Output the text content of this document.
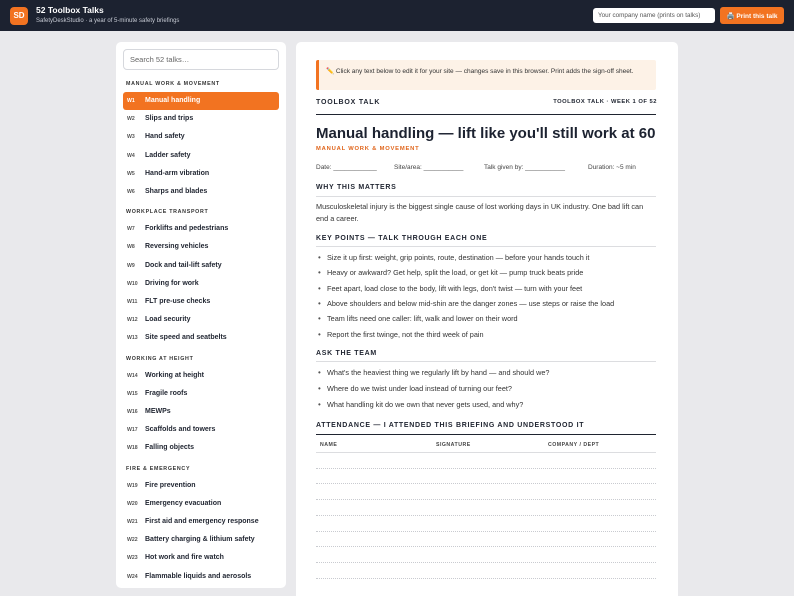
SD
52 Toolbox Talks
SafetyDeskStudio · a year of 5-minute safety briefings
Your company name (prints on talks)
🖨️ Print this talk
Search 52 talks…
MANUAL WORK & MOVEMENT
W1 Manual handling
W2 Slips and trips
W3 Hand safety
W4 Ladder safety
W5 Hand-arm vibration
W6 Sharps and blades
WORKPLACE TRANSPORT
W7 Forklifts and pedestrians
W8 Reversing vehicles
W9 Dock and tail-lift safety
W10 Driving for work
W11 FLT pre-use checks
W12 Load security
W13 Site speed and seatbelts
WORKING AT HEIGHT
W14 Working at height
W15 Fragile roofs
W16 MEWPs
W17 Scaffolds and towers
W18 Falling objects
FIRE & EMERGENCY
W19 Fire prevention
W20 Emergency evacuation
W21 First aid and emergency response
W22 Battery charging & lithium safety
W23 Hot work and fire watch
W24 Flammable liquids and aerosols
✏️ Click any text below to edit it for your site — changes save in this browser. Print adds the sign-off sheet.
TOOLBOX TALK	TOOLBOX TALK · WEEK 1 OF 52
Manual handling — lift like you'll still work at 60
MANUAL WORK & MOVEMENT
Date: ____________	Site/area: ___________	Talk given by: ___________	Duration: ~5 min
WHY THIS MATTERS
Musculoskeletal injury is the biggest single cause of lost working days in UK industry. One bad lift can end a career.
KEY POINTS — TALK THROUGH EACH ONE
• Size it up first: weight, grip points, route, destination — before your hands touch it
• Heavy or awkward? Get help, split the load, or get kit — pump truck beats pride
• Feet apart, load close to the body, lift with legs, don't twist — turn with your feet
• Above shoulders and below mid-shin are the danger zones — use steps or raise the load
• Team lifts need one caller: lift, walk and lower on their word
• Report the first twinge, not the third week of pain
ASK THE TEAM
• What's the heaviest thing we regularly lift by hand — and should we?
• Where do we twist under load instead of turning our feet?
• What handling kit do we own that never gets used, and why?
ATTENDANCE — I ATTENDED THIS BRIEFING AND UNDERSTOOD IT
NAME	SIGNATURE	COMPANY / DEPT
